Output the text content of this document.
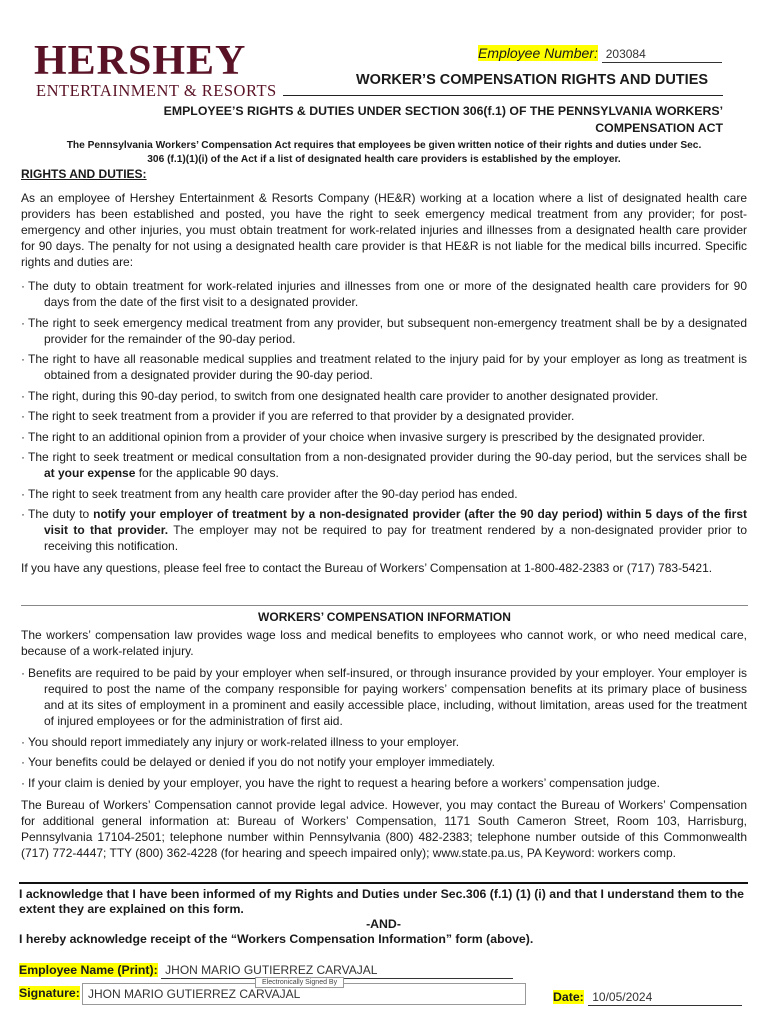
HERSHEY
ENTERTAINMENT & RESORTS
Employee Number: 203084
WORKER’S COMPENSATION RIGHTS AND DUTIES
EMPLOYEE’S RIGHTS & DUTIES UNDER SECTION 306(f.1) OF THE PENNSYLVANIA WORKERS’
COMPENSATION ACT
The Pennsylvania Workers’ Compensation Act requires that employees be given written notice of their rights and duties under Sec.
306 (f.1)(1)(i) of the Act if a list of designated health care providers is established by the employer.
RIGHTS AND DUTIES:

As an employee of Hershey Entertainment & Resorts Company (HE&R) working at a location where a list of designated health care providers has been established and posted, you have the right to seek emergency medical treatment from any provider; for post-emergency and other injuries, you must obtain treatment for work-related injuries and illnesses from a designated health care provider for 90 days. The penalty for not using a designated health care provider is that HE&R is not liable for the medical bills incurred. Specific rights and duties are:

· The duty to obtain treatment for work-related injuries and illnesses from one or more of the designated health care providers for 90 days from the date of the first visit to a designated provider.
· The right to seek emergency medical treatment from any provider, but subsequent non-emergency treatment shall be by a designated provider for the remainder of the 90-day period.
· The right to have all reasonable medical supplies and treatment related to the injury paid for by your employer as long as treatment is obtained from a designated provider during the 90-day period.
· The right, during this 90-day period, to switch from one designated health care provider to another designated provider.
· The right to seek treatment from a provider if you are referred to that provider by a designated provider.
· The right to an additional opinion from a provider of your choice when invasive surgery is prescribed by the designated provider.
· The right to seek treatment or medical consultation from a non-designated provider during the 90-day period, but the services shall be at your expense for the applicable 90 days.
· The right to seek treatment from any health care provider after the 90-day period has ended.
· The duty to notify your employer of treatment by a non-designated provider (after the 90 day period) within 5 days of the first visit to that provider. The employer may not be required to pay for treatment rendered by a non-designated provider prior to receiving this notification.

If you have any questions, please feel free to contact the Bureau of Workers’ Compensation at 1-800-482-2383 or (717) 783-5421.

WORKERS’ COMPENSATION INFORMATION

The workers’ compensation law provides wage loss and medical benefits to employees who cannot work, or who need medical care, because of a work-related injury.

· Benefits are required to be paid by your employer when self-insured, or through insurance provided by your employer. Your employer is required to post the name of the company responsible for paying workers’ compensation benefits at its primary place of business and at its sites of employment in a prominent and easily accessible place, including, without limitation, areas used for the treatment of injured employees or for the administration of first aid.
· You should report immediately any injury or work-related illness to your employer.
· Your benefits could be delayed or denied if you do not notify your employer immediately.
· If your claim is denied by your employer, you have the right to request a hearing before a workers’ compensation judge.

The Bureau of Workers’ Compensation cannot provide legal advice. However, you may contact the Bureau of Workers’ Compensation for additional general information at: Bureau of Workers’ Compensation, 1171 South Cameron Street, Room 103, Harrisburg, Pennsylvania 17104-2501; telephone number within Pennsylvania (800) 482-2383; telephone number outside of this Commonwealth (717) 772-4447; TTY (800) 362-4228 (for hearing and speech impaired only); www.state.pa.us, PA Keyword: workers comp.

I acknowledge that I have been informed of my Rights and Duties under Sec.306 (f.1) (1) (i) and that I understand them to the extent they are explained on this form.
-AND-
I hereby acknowledge receipt of the “Workers Compensation Information” form (above).
Employee Name (Print): JHON MARIO GUTIERREZ CARVAJAL
Signature:
Electronically Signed By
JHON MARIO GUTIERREZ CARVAJAL	Date: 10/05/2024
